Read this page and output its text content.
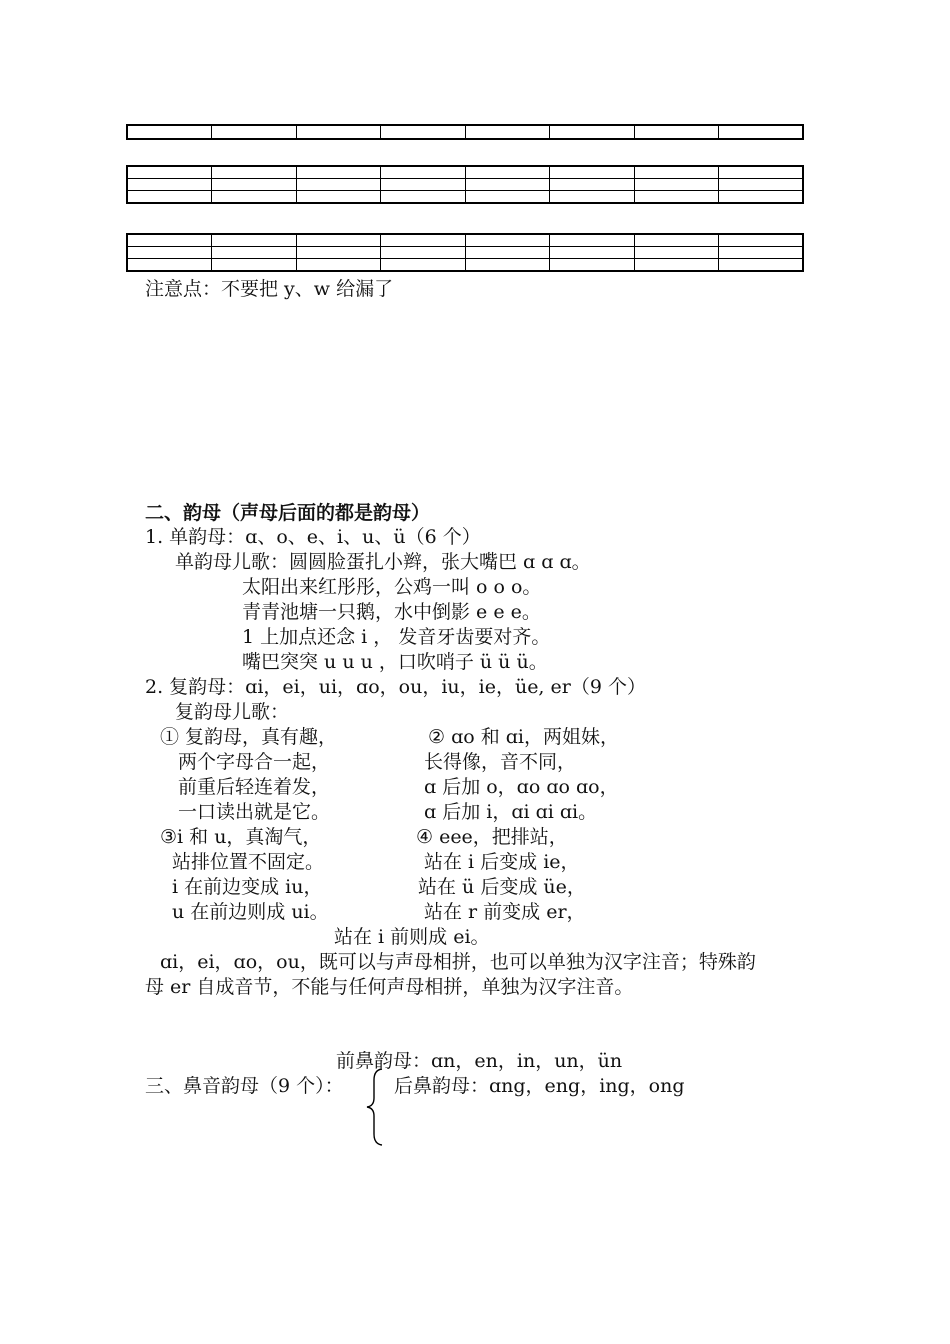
注意点：不要把 y、w 给漏了
二、韵母（声母后面的都是韵母）
1. 单韵母：ɑ、o、e、i、u、ü（6 个）
单韵母儿歌：圆圆脸蛋扎小辫，张大嘴巴 ɑ ɑ ɑ。
太阳出来红彤彤，公鸡一叫 o o o。
青青池塘一只鹅，水中倒影 e e e。
1 上加点还念 i ， 发音牙齿要对齐。
嘴巴突突 u u u ，口吹哨子 ü ü ü。
2. 复韵母：ɑi，ei，ui，ɑo，ou，iu，ie，üe, er（9 个）
复韵母儿歌：
① 复韵母，真有趣，
两个字母合一起，
前重后轻连着发，
一口读出就是它。
③i 和 u，真淘气，
站排位置不固定。
i 在前边变成 iu，
u 在前边则成 ui。
② ɑo 和 ɑi，两姐妹，
长得像，音不同，
ɑ 后加 o，ɑo ɑo ɑo，
ɑ 后加 i，ɑi ɑi ɑi。
④ eee，把排站，
站在 i 后变成 ie，
站在 ü 后变成 üe，
站在 r 前变成 er，
站在 i 前则成 ei。
ɑi，ei，ɑo，ou，既可以与声母相拼，也可以单独为汉字注音；特殊韵
母 er 自成音节，不能与任何声母相拼，单独为汉字注音。
前鼻韵母：ɑn，en，in，un，ün
三、鼻音韵母（9 个）：	后鼻韵母：ɑng，eng，ing，ong
